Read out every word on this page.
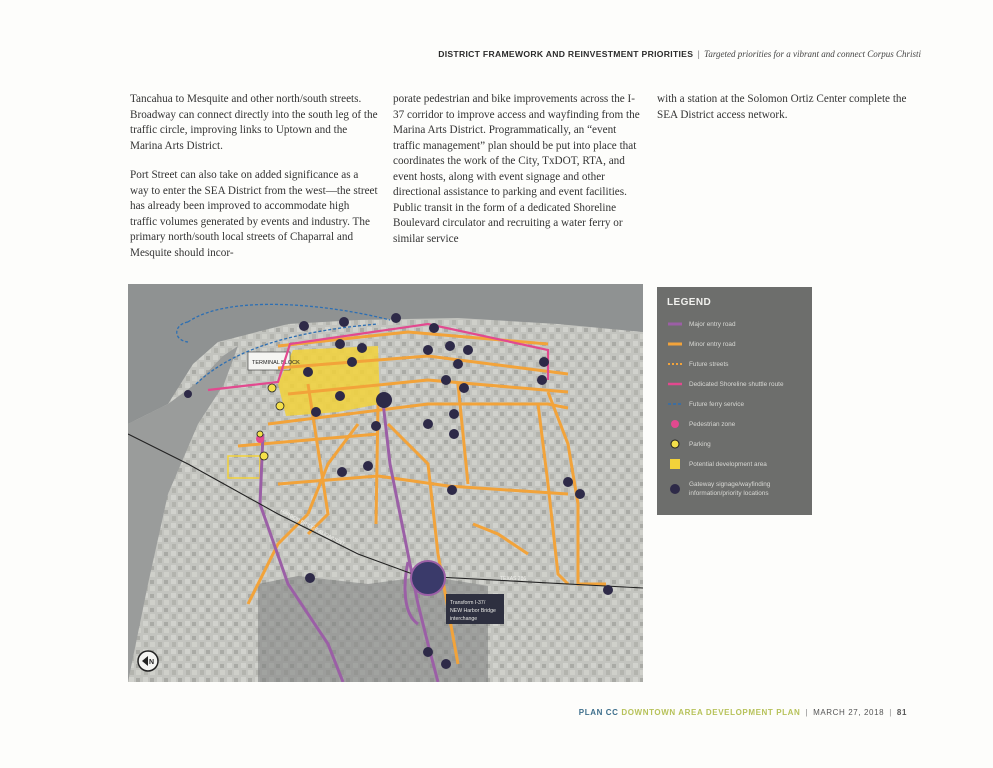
DISTRICT FRAMEWORK AND REINVESTMENT PRIORITIES | Targeted priorities for a vibrant and connect Corpus Christi

Tancahua to Mesquite and other north/south streets. Broadway can connect directly into the south leg of the traffic circle, improving links to Uptown and the Marina Arts District.

Port Street can also take on added significance as a way to enter the SEA District from the west—the street has already been improved to accommodate high traffic volumes generated by events and industry. The primary north/south local streets of Chaparral and Mesquite should incor-

porate pedestrian and bike improvements across the I-37 corridor to improve access and wayfinding from the Marina Arts District. Programmatically, an “event traffic management” plan should be put into place that coordinates the work of the City, TxDOT, RTA, and event hosts, along with event signage and other directional assistance to parking and event facilities. Public transit in the form of a dedicated Shoreline Boulevard circulator and recruiting a water ferry or similar service

with a station at the Solomon Ortiz Center complete the SEA District access network.

TERMINAL BLOCK
HARBOR BRIDGE ALIGNMENT
TEXAS 286
Transform I-37/
NEW Harbor Bridge
interchange
N
LEGEND
Major entry road
Minor entry road
Future streets
Dedicated Shoreline shuttle route
Future ferry service
Pedestrian zone
Parking
Potential development area
Gateway signage/wayfinding information/priority locations
PLAN CC DOWNTOWN AREA DEVELOPMENT PLAN | MARCH 27, 2018 | 81
